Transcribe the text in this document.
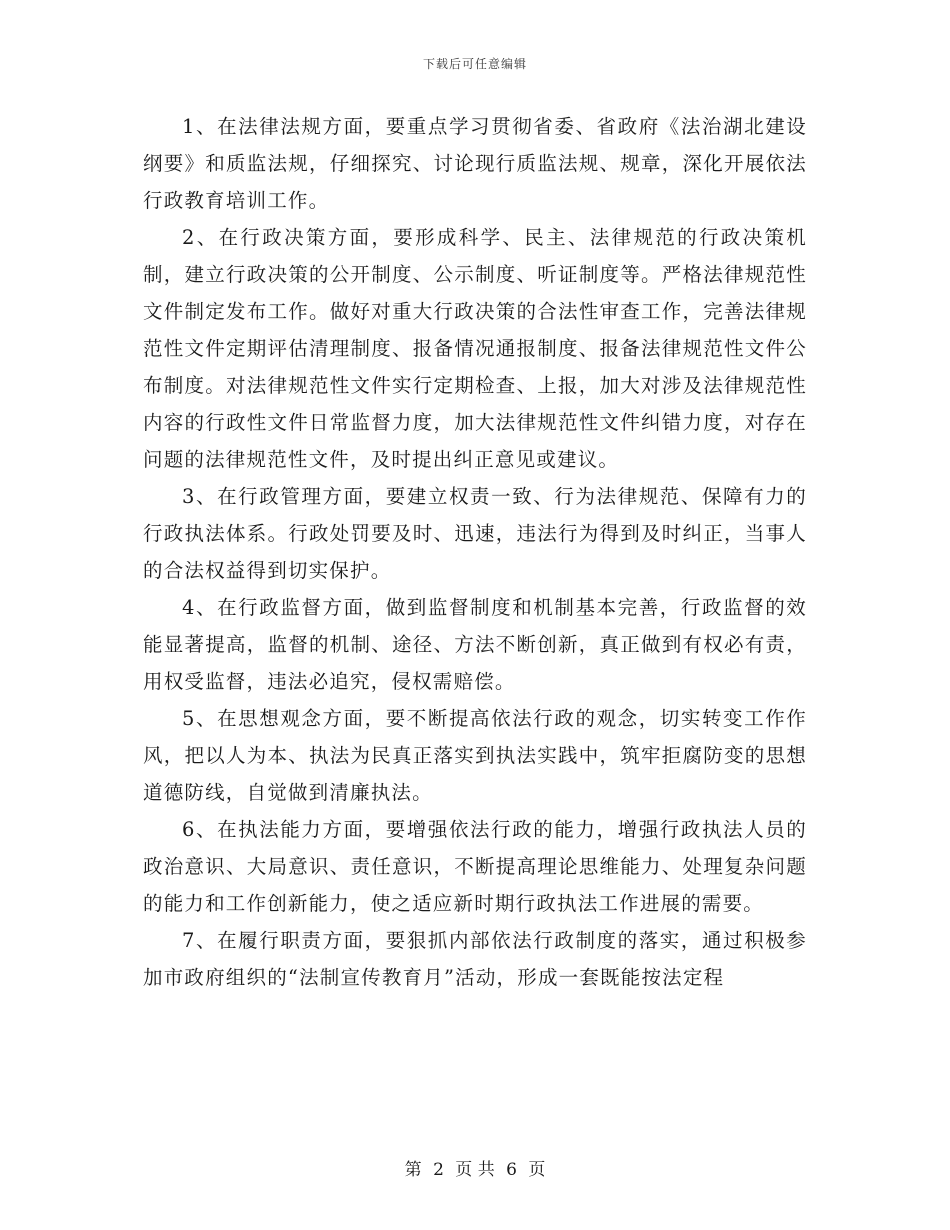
下载后可任意编辑

1、在法律法规方面，要重点学习贯彻省委、省政府《法治湖北建设纲要》和质监法规，仔细探究、讨论现行质监法规、规章，深化开展依法行政教育培训工作。

2、在行政决策方面，要形成科学、民主、法律规范的行政决策机制，建立行政决策的公开制度、公示制度、听证制度等。严格法律规范性文件制定发布工作。做好对重大行政决策的合法性审查工作，完善法律规范性文件定期评估清理制度、报备情况通报制度、报备法律规范性文件公布制度。对法律规范性文件实行定期检查、上报，加大对涉及法律规范性内容的行政性文件日常监督力度，加大法律规范性文件纠错力度，对存在问题的法律规范性文件，及时提出纠正意见或建议。

3、在行政管理方面，要建立权责一致、行为法律规范、保障有力的行政执法体系。行政处罚要及时、迅速，违法行为得到及时纠正，当事人的合法权益得到切实保护。

4、在行政监督方面，做到监督制度和机制基本完善，行政监督的效能显著提高，监督的机制、途径、方法不断创新，真正做到有权必有责，用权受监督，违法必追究，侵权需赔偿。

5、在思想观念方面，要不断提高依法行政的观念，切实转变工作作风，把以人为本、执法为民真正落实到执法实践中，筑牢拒腐防变的思想道德防线，自觉做到清廉执法。

6、在执法能力方面，要增强依法行政的能力，增强行政执法人员的政治意识、大局意识、责任意识，不断提高理论思维能力、处理复杂问题的能力和工作创新能力，使之适应新时期行政执法工作进展的需要。

7、在履行职责方面，要狠抓内部依法行政制度的落实，通过积极参加市政府组织的“法制宣传教育月”活动，形成一套既能按法定程

第 2 页 共 6 页
